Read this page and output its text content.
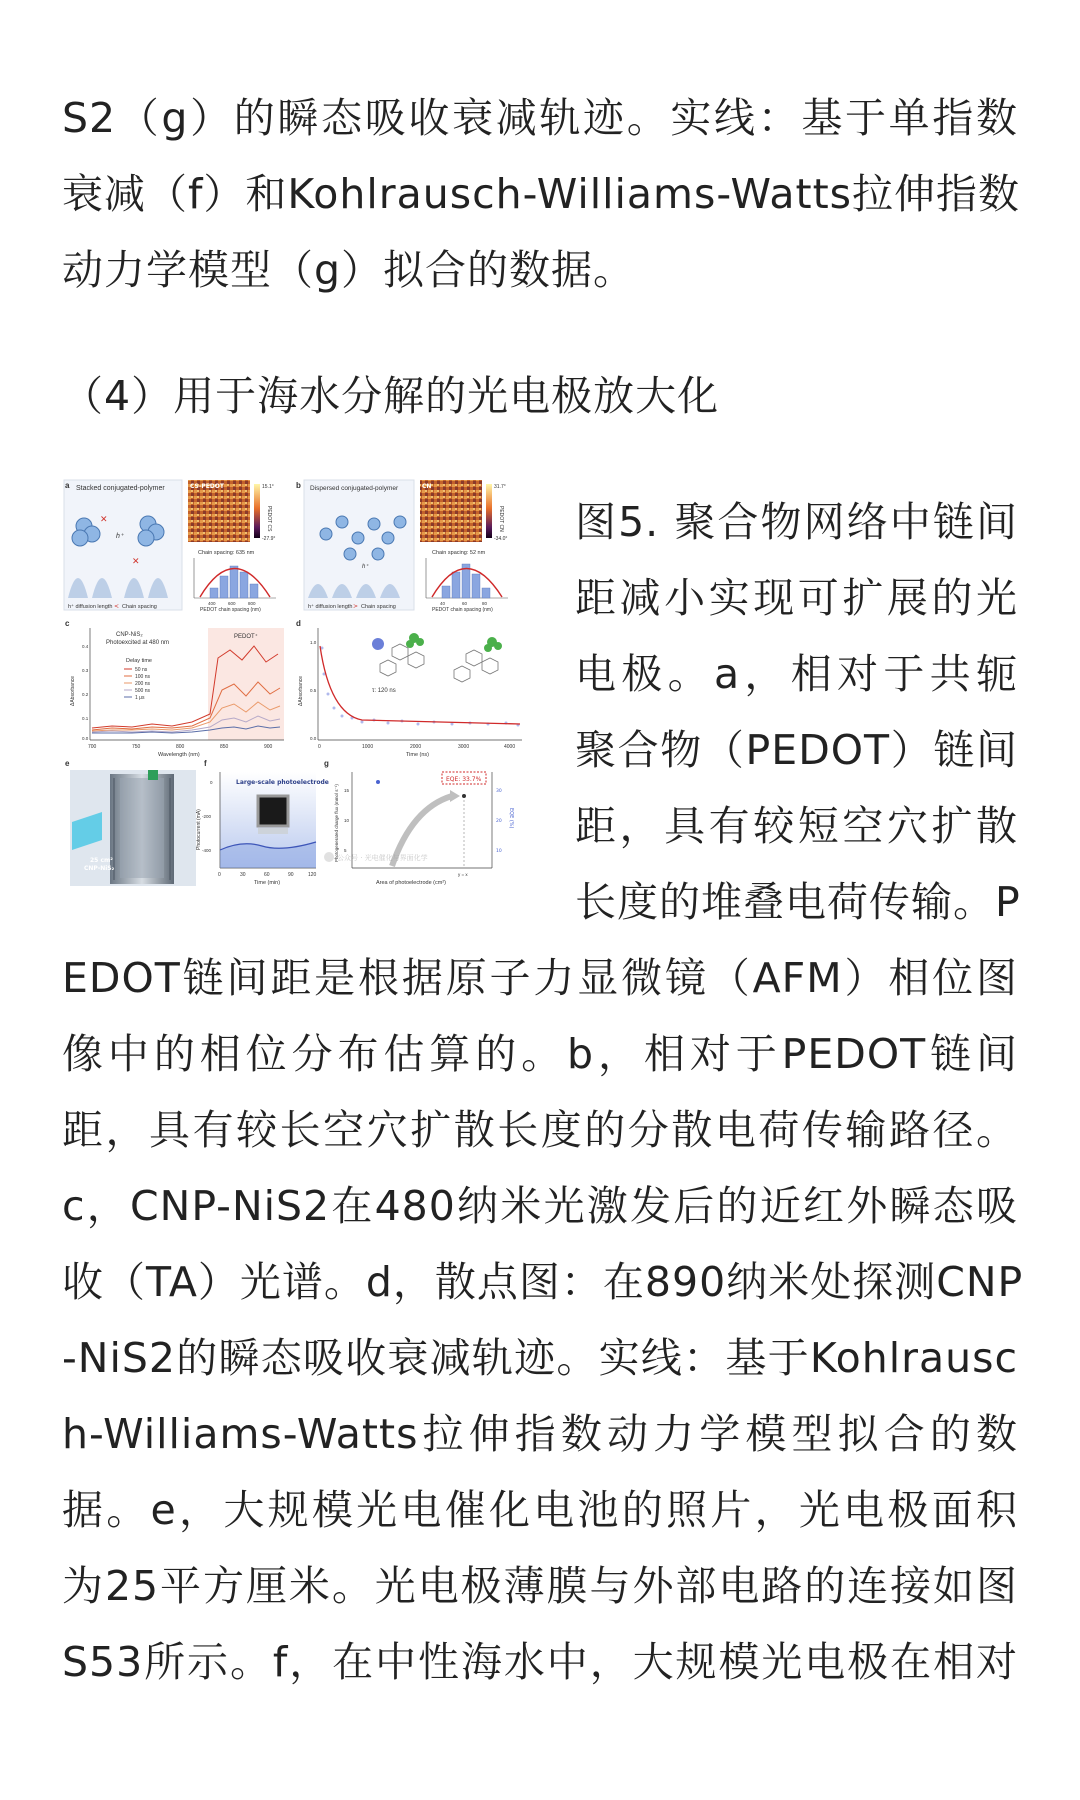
S2（g）的瞬态吸收衰减轨迹。实线：基于单指数

衰减（f）和Kohlrausch-Williams-Watts拉伸指数

动力学模型（g）拟合的数据。

（4）用于海水分解的光电极放大化

a Stacked conjugated-polymer
h⁺
✕
✕
h⁺ diffusion length < Chain spacing
CS-PEDOT	15.1°
-27.9°
PEDOT CS
Chain spacing: 635 nm
400	600	800
PEDOT chain spacing (nm)
b Dispersed conjugated-polymer
h⁺
h⁺ diffusion length > Chain spacing
CN	31.7°
-34.0°
PEDOT CN
Chain spacing: 52 nm
40	60	80
PEDOT chain spacing (nm)
c
CNP-NiS₂
Photoexcited at 480 nm
PEDOT⁺
Delay time
50 ns
100 ns
200 ns
500 ns
1 μs
0.4
0.3
0.2
0.1
0.0
ΔAbsorbance
700	750	800	850	900
Wavelength (nm)
d
τ: 120 ns
1.0
0.5
0.0
ΔAbsorbance
0	1000	2000	3000	4000
Time (ns)
e
25 cm²
CNP-NiS₂
f
Large-scale photoelectrode
0
-200
-400
Photocurrent (mA)
0	30	60	90	120
Time (min)
g
EQE: 33.7%
15
10
5
Photogenerated charge flux (mmol s⁻¹)	30
20
10
EQE (%)
y = x
Area of photoelectrode (cm²)
公众号 · 光电催化与界面化学

图5. 聚合物网络中链间

距减小实现可扩展的光

电极。a，相对于共轭

聚合物（PEDOT）链间

距，具有较短空穴扩散

长度的堆叠电荷传输。P

EDOT链间距是根据原子力显微镜（AFM）相位图

像中的相位分布估算的。b，相对于PEDOT链间

距，具有较长空穴扩散长度的分散电荷传输路径。

c，CNP-NiS2在480纳米光激发后的近红外瞬态吸

收（TA）光谱。d，散点图：在890纳米处探测CNP

-NiS2的瞬态吸收衰减轨迹。实线：基于Kohlrausc

h-Williams-Watts拉伸指数动力学模型拟合的数

据。e，大规模光电催化电池的照片，光电极面积

为25平方厘米。光电极薄膜与外部电路的连接如图

S53所示。f，在中性海水中，大规模光电极在相对
